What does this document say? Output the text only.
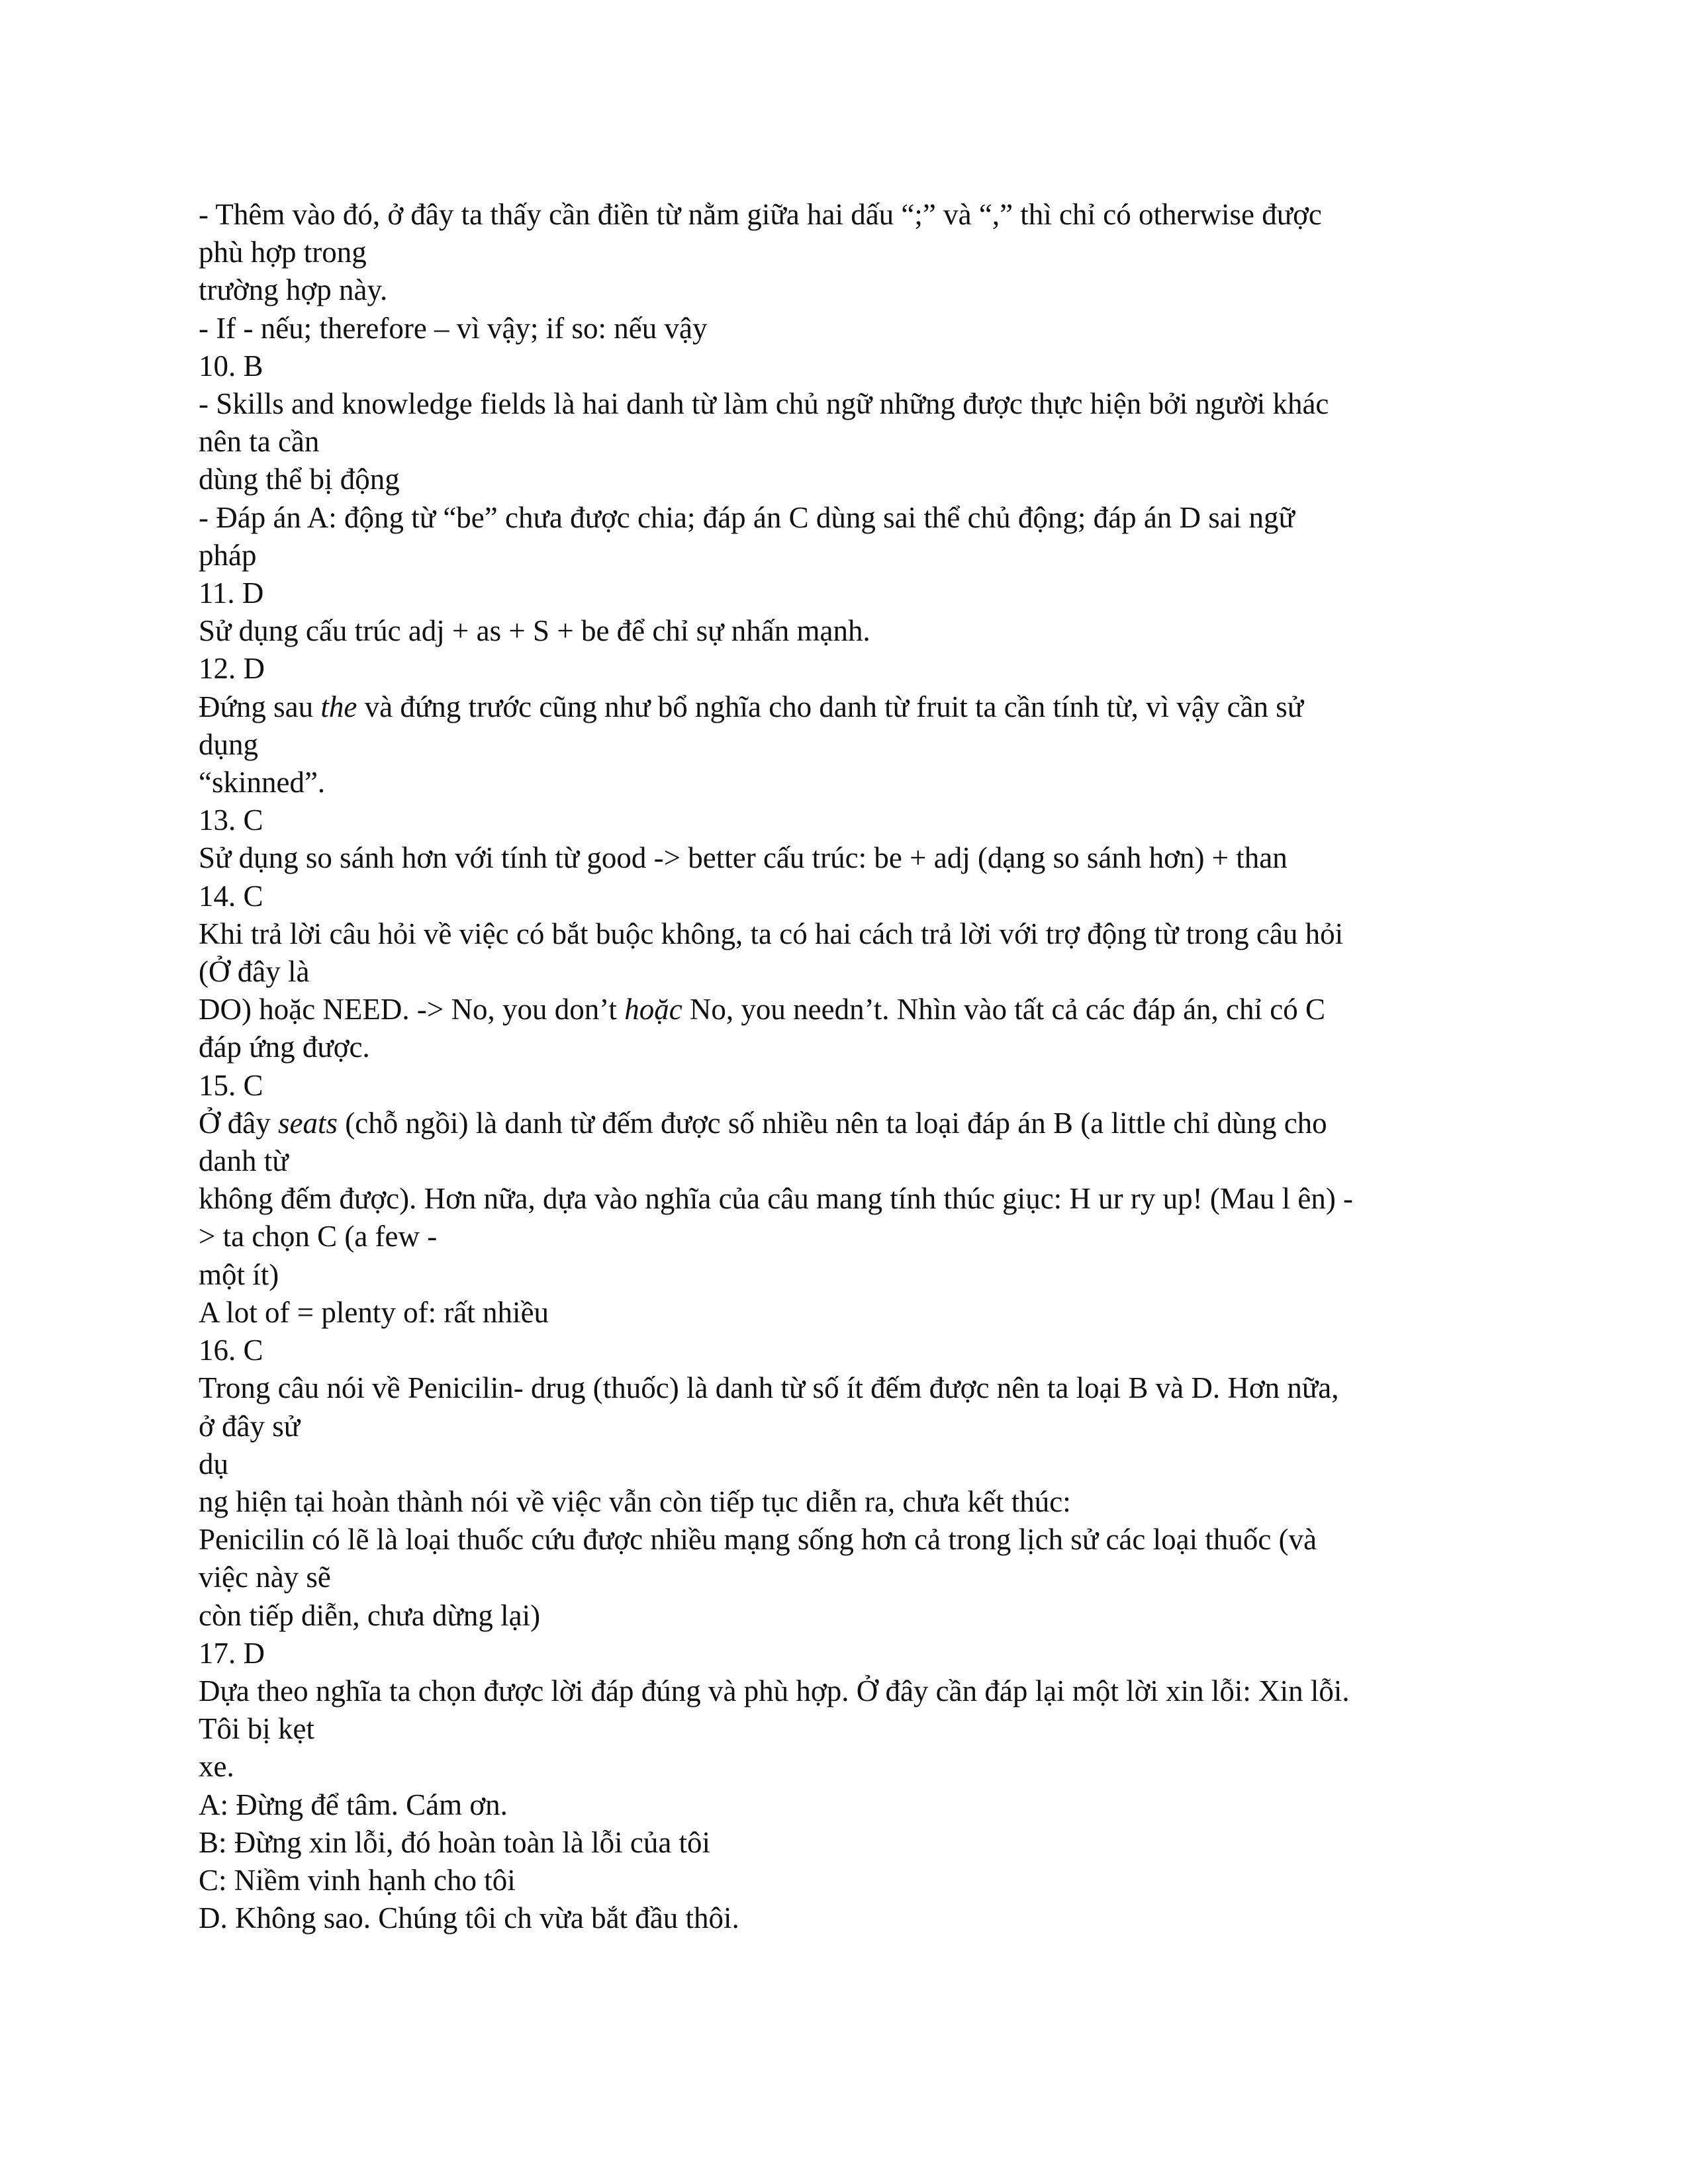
- Thêm vào đó, ở đây ta thấy cần điền từ nằm giữa hai dấu “;” và “,” thì chỉ có otherwise được
phù hợp trong
trường hợp này.
- If - nếu; therefore – vì vậy; if so: nếu vậy
10. B
- Skills and knowledge fields là hai danh từ làm chủ ngữ những được thực hiện bởi người khác
nên ta cần
dùng thể bị động
- Đáp án A: động từ “be” chưa được chia; đáp án C dùng sai thể chủ động; đáp án D sai ngữ
pháp
11. D
Sử dụng cấu trúc adj + as + S + be để chỉ sự nhấn mạnh.
12. D
Đứng sau the và đứng trước cũng như bổ nghĩa cho danh từ fruit ta cần tính từ, vì vậy cần sử
dụng
“skinned”.
13. C
Sử dụng so sánh hơn với tính từ good -> better cấu trúc: be + adj (dạng so sánh hơn) + than
14. C
Khi trả lời câu hỏi về việc có bắt buộc không, ta có hai cách trả lời với trợ động từ trong câu hỏi
(Ở đây là
DO) hoặc NEED. -> No, you don’t hoặc No, you needn’t. Nhìn vào tất cả các đáp án, chỉ có C
đáp ứng được.
15. C
Ở đây seats (chỗ ngồi) là danh từ đếm được số nhiều nên ta loại đáp án B (a little chỉ dùng cho
danh từ
không đếm được). Hơn nữa, dựa vào nghĩa của câu mang tính thúc giục: H ur ry up! (Mau l ên) -
> ta chọn C (a few -
một ít)
A lot of = plenty of: rất nhiều
16. C
Trong câu nói về Penicilin- drug (thuốc) là danh từ số ít đếm được nên ta loại B và D. Hơn nữa,
ở đây sử
dụ
ng hiện tại hoàn thành nói về việc vẫn còn tiếp tục diễn ra, chưa kết thúc:
Penicilin có lẽ là loại thuốc cứu được nhiều mạng sống hơn cả trong lịch sử các loại thuốc (và
việc này sẽ
còn tiếp diễn, chưa dừng lại)
17. D
Dựa theo nghĩa ta chọn được lời đáp đúng và phù hợp. Ở đây cần đáp lại một lời xin lỗi: Xin lỗi.
Tôi bị kẹt
xe.
A: Đừng để tâm. Cám ơn.
B: Đừng xin lỗi, đó hoàn toàn là lỗi của tôi
C: Niềm vinh hạnh cho tôi
D. Không sao. Chúng tôi ch vừa bắt đầu thôi.
